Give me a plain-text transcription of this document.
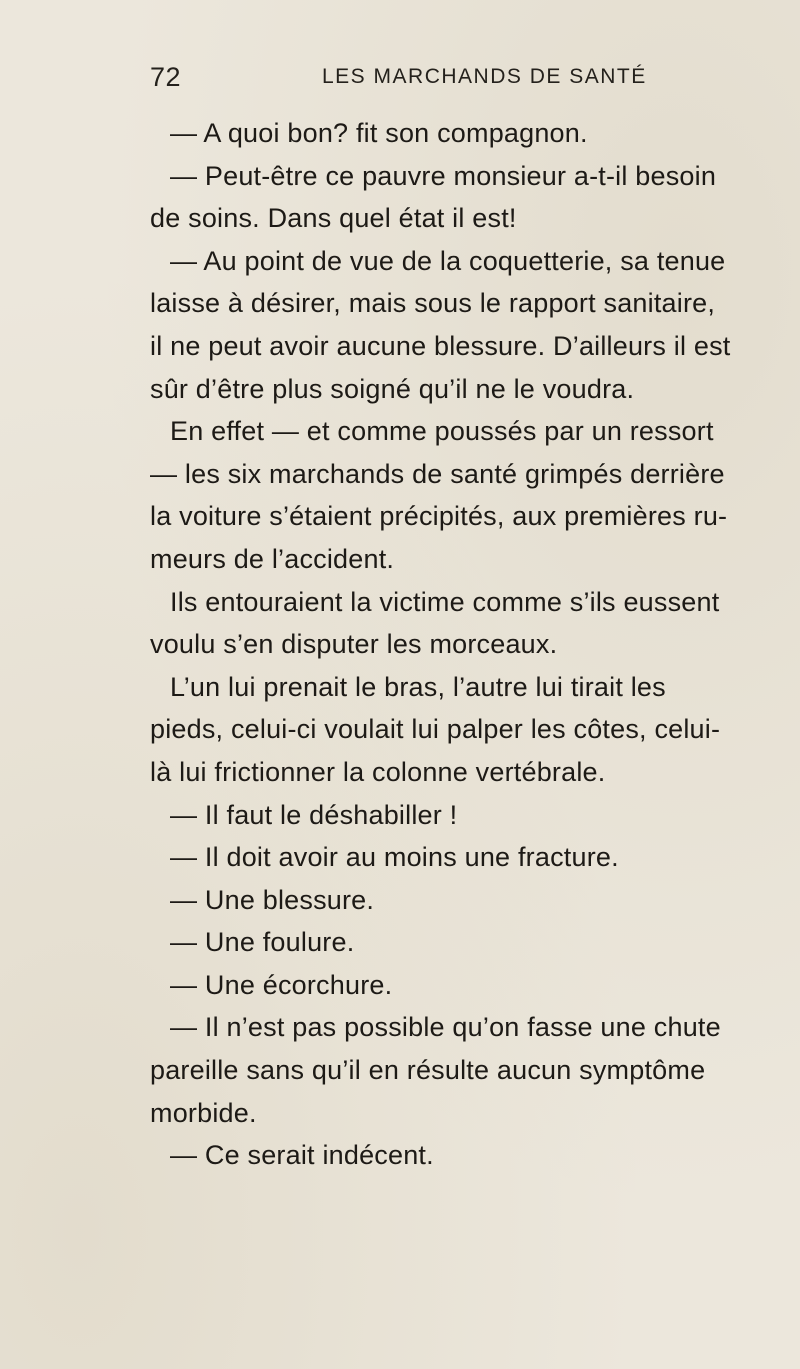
72	LES MARCHANDS DE SANTÉ
— A quoi bon? fit son compagnon.
— Peut-être ce pauvre monsieur a-t-il besoin
de soins. Dans quel état il est!
— Au point de vue de la coquetterie, sa tenue
laisse à désirer, mais sous le rapport sanitaire,
il ne peut avoir aucune blessure. D’ailleurs il est
sûr d’être plus soigné qu’il ne le voudra.
En effet — et comme poussés par un ressort
— les six marchands de santé grimpés derrière
la voiture s’étaient précipités, aux premières ru-
meurs de l’accident.
Ils entouraient la victime comme s’ils eussent
voulu s’en disputer les morceaux.
L’un lui prenait le bras, l’autre lui tirait les
pieds, celui-ci voulait lui palper les côtes, celui-
là lui frictionner la colonne vertébrale.
— Il faut le déshabiller !
— Il doit avoir au moins une fracture.
— Une blessure.
— Une foulure.
— Une écorchure.
— Il n’est pas possible qu’on fasse une chute
pareille sans qu’il en résulte aucun symptôme
morbide.
— Ce serait indécent.
